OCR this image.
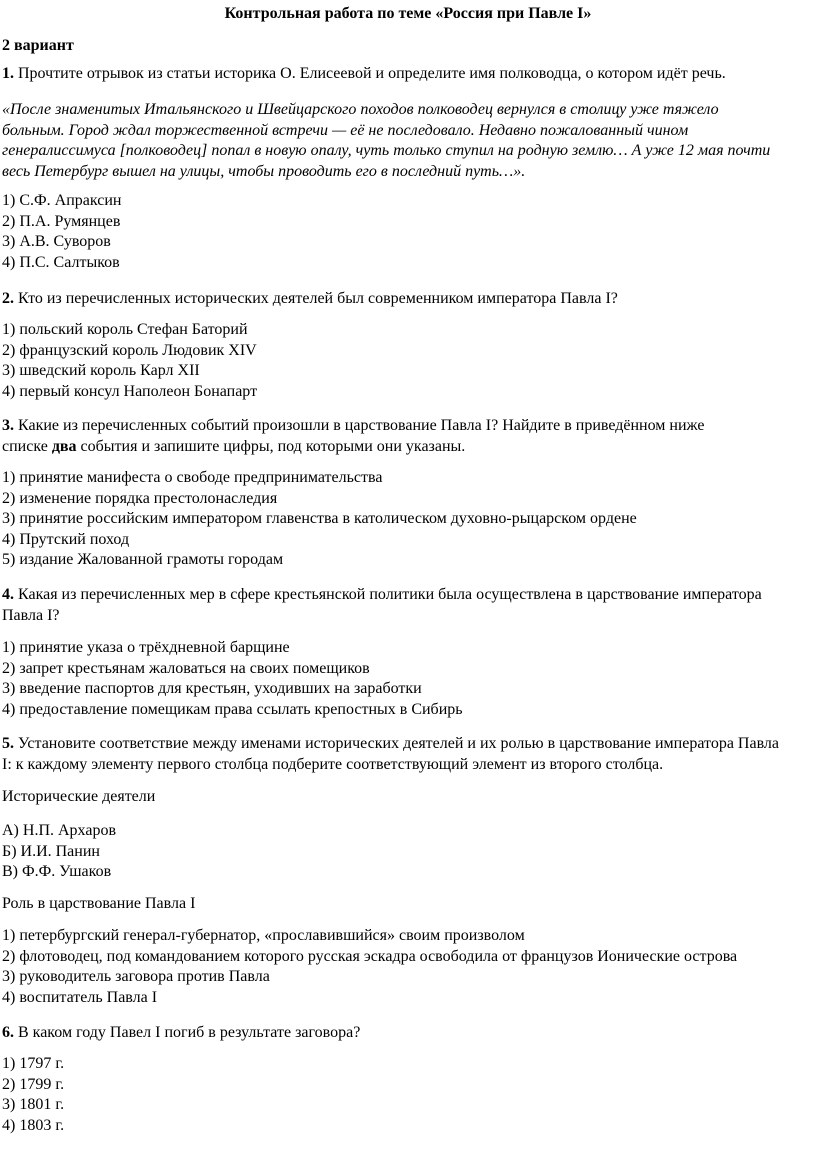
Контрольная работа по теме «Россия при Павле I»
2 вариант

1. Прочтите отрывок из статьи историка О. Елисеевой и определите имя полководца, о котором идёт речь.

«После знаменитых Итальянского и Швейцарского походов полководец вернулся в столицу уже тяжело

больным. Город ждал торжественной встречи — её не последовало. Недавно пожалованный чином

генералиссимуса [полководец] попал в новую опалу, чуть только ступил на родную землю… А уже 12 мая почти

весь Петербург вышел на улицы, чтобы проводить его в последний путь…».

1) С.Ф. Апраксин

2) П.А. Румянцев

3) А.В. Суворов

4) П.С. Салтыков

2. Кто из перечисленных исторических деятелей был современником императора Павла I?

1) польский король Стефан Баторий

2) французский король Людовик XIV

3) шведский король Карл XII

4) первый консул Наполеон Бонапарт

3. Какие из перечисленных событий произошли в царствование Павла I? Найдите в приведённом ниже

списке два события и запишите цифры, под которыми они указаны.

1) принятие манифеста о свободе предпринимательства

2) изменение порядка престолонаследия

3) принятие российским императором главенства в католическом духовно-рыцарском ордене

4) Прутский поход

5) издание Жалованной грамоты городам

4. Какая из перечисленных мер в сфере крестьянской политики была осуществлена в царствование императора

Павла I?

1) принятие указа о трёхдневной барщине

2) запрет крестьянам жаловаться на своих помещиков

3) введение паспортов для крестьян, уходивших на заработки

4) предоставление помещикам права ссылать крепостных в Сибирь

5. Установите соответствие между именами исторических деятелей и их ролью в царствование императора Павла

I: к каждому элементу первого столбца подберите соответствующий элемент из второго столбца.

Исторические деятели

А) Н.П. Архаров

Б) И.И. Панин

В) Ф.Ф. Ушаков

Роль в царствование Павла I

1) петербургский генерал-губернатор, «прославившийся» своим произволом

2) флотоводец, под командованием которого русская эскадра освободила от французов Ионические острова

3) руководитель заговора против Павла

4) воспитатель Павла I

6. В каком году Павел I погиб в результате заговора?

1) 1797 г.

2) 1799 г.

3) 1801 г.

4) 1803 г.
